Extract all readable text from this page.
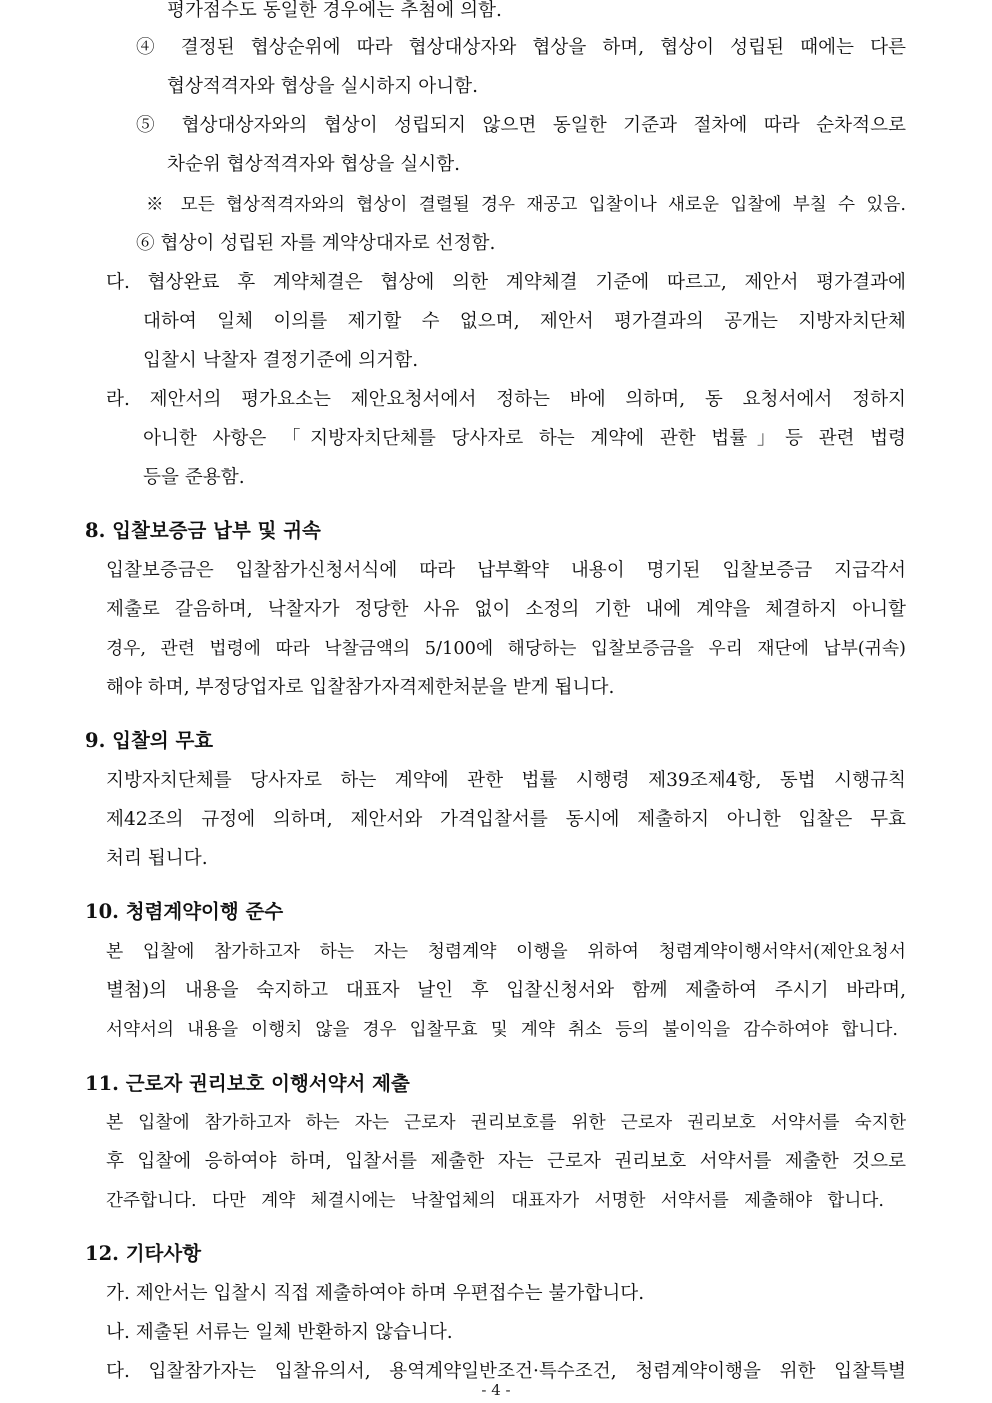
평가점수도 동일한 경우에는 추첨에 의함.

④ 결정된 협상순위에 따라 협상대상자와 협상을 하며, 협상이 성립된 때에는 다른

협상적격자와 협상을 실시하지 아니함.

⑤ 협상대상자와의 협상이 성립되지 않으면 동일한 기준과 절차에 따라 순차적으로

차순위 협상적격자와 협상을 실시함.

※ 모든 협상적격자와의 협상이 결렬될 경우 재공고 입찰이나 새로운 입찰에 부칠 수 있음.

⑥ 협상이 성립된 자를 계약상대자로 선정함.

다. 협상완료 후 계약체결은 협상에 의한 계약체결 기준에 따르고, 제안서 평가결과에

대하여 일체 이의를 제기할 수 없으며, 제안서 평가결과의 공개는 지방자치단체

입찰시 낙찰자 결정기준에 의거함.

라. 제안서의 평가요소는 제안요청서에서 정하는 바에 의하며, 동 요청서에서 정하지

아니한 사항은 「지방자치단체를 당사자로 하는 계약에 관한 법률」등 관련 법령

등을 준용함.

8. 입찰보증금 납부 및 귀속

입찰보증금은 입찰참가신청서식에 따라 납부확약 내용이 명기된 입찰보증금 지급각서

제출로 갈음하며, 낙찰자가 정당한 사유 없이 소정의 기한 내에 계약을 체결하지 아니할

경우, 관련 법령에 따라 낙찰금액의 5/100에 해당하는 입찰보증금을 우리 재단에 납부(귀속)

해야 하며, 부정당업자로 입찰참가자격제한처분을 받게 됩니다.

9. 입찰의 무효

지방자치단체를 당사자로 하는 계약에 관한 법률 시행령 제39조제4항, 동법 시행규칙

제42조의 규정에 의하며, 제안서와 가격입찰서를 동시에 제출하지 아니한 입찰은 무효

처리 됩니다.

10. 청렴계약이행 준수

본 입찰에 참가하고자 하는 자는 청렴계약 이행을 위하여 청렴계약이행서약서(제안요청서

별첨)의 내용을 숙지하고 대표자 날인 후 입찰신청서와 함께 제출하여 주시기 바라며,

서약서의 내용을 이행치 않을 경우 입찰무효 및 계약 취소 등의 불이익을 감수하여야 합니다.

11. 근로자 권리보호 이행서약서 제출

본 입찰에 참가하고자 하는 자는 근로자 권리보호를 위한 근로자 권리보호 서약서를 숙지한

후 입찰에 응하여야 하며, 입찰서를 제출한 자는 근로자 권리보호 서약서를 제출한 것으로

간주합니다. 다만 계약 체결시에는 낙찰업체의 대표자가 서명한 서약서를 제출해야 합니다.

12. 기타사항

가. 제안서는 입찰시 직접 제출하여야 하며 우편접수는 불가합니다.

나. 제출된 서류는 일체 반환하지 않습니다.

다. 입찰참가자는 입찰유의서, 용역계약일반조건·특수조건, 청렴계약이행을 위한 입찰특별

- 4 -
